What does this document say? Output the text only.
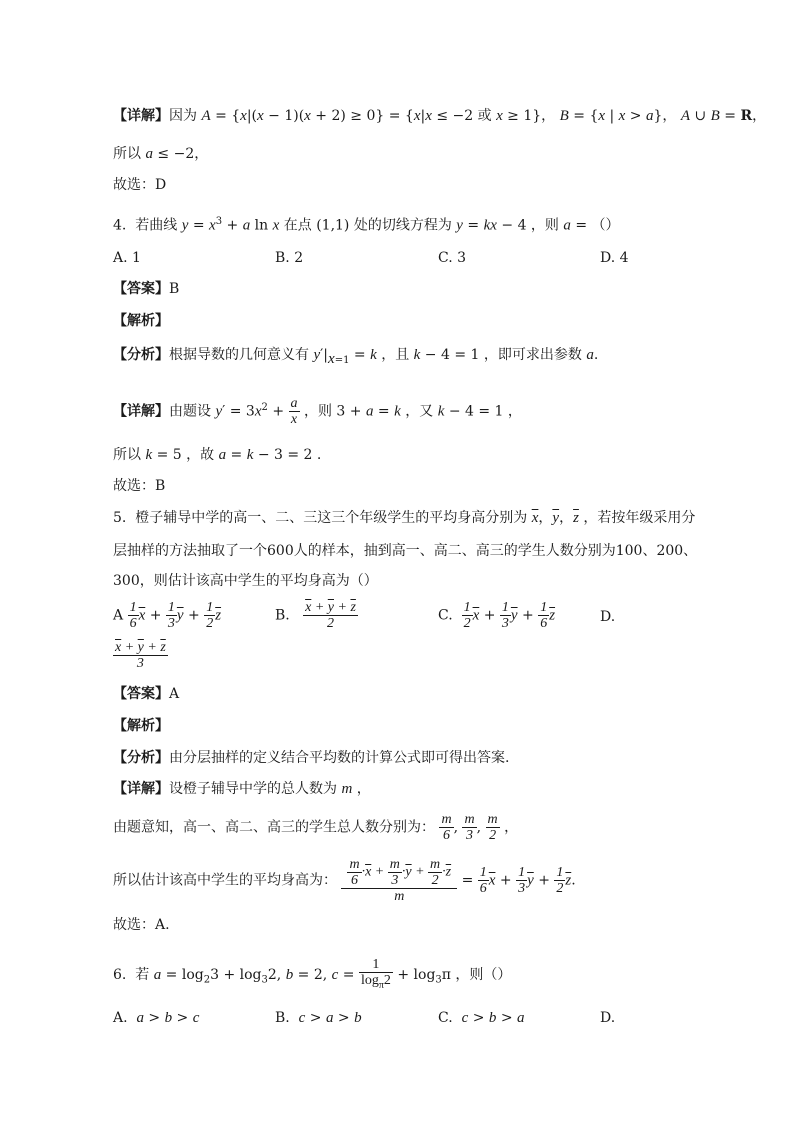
【详解】因为 A = {x|(x − 1)(x + 2) ≥ 0} = {x|x ≤ −2 或 x ≥ 1}， B = {x | x > a}， A ∪ B = R，
所以 a ≤ −2，
故选：D
4.  若曲线 $y = x^3 + a$ ln x 在点 (1,1) 处的切线方程为 y = kx − 4 ，则 a = （）
A. 1	B. 2	C. 3	D. 4
【答案】B
【解析】
【分析】根据导数的几何意义有 $y'|_{x=1} = k$ ，且 k − 4 = 1 ，即可求出参数 a.
【详解】由题设 $y' = 3x^2 + \frac{a}{x}$ ，则 3 + a = k ，又 k − 4 = 1 ，
所以 k = 5 ，故 a = k − 3 = 2 .
故选：B
5.  橙子辅导中学的高一、二、三这三个年级学生的平均身高分别为 $\overline{x}$，$\overline{y}$，$\overline{z}$ ，若按年级采用分
层抽样的方法抽取了一个600人的样本，抽到高一、高二、高三的学生人数分别为100、200、
300，则估计该高中学生的平均身高为（）
A $\frac{1}{6} \overline{x} + \frac{1}{3} \overline{y} + \frac{1}{2} \overline{z}$	B. $\frac{\overline{x} + \overline{y} + \overline{z}}{2}$	C. $\frac{1}{2} \overline{x} + \frac{1}{3} \overline{y} + \frac{1}{6} \overline{z}$	D.
$\frac{\overline{x} + \overline{y} + \overline{z}}{3}$
【答案】A
【解析】
【分析】由分层抽样的定义结合平均数的计算公式即可得出答案.
【详解】设橙子辅导中学的总人数为 m ，
由题意知，高一、高二、高三的学生总人数分别为： $\frac{m}{6}$ , $\frac{m}{3}$ , $\frac{m}{2}$ ，
所以估计该高中学生的平均身高为： $\frac{\frac{m}{6} \cdot\overline{x} + \frac{m}{3} \cdot\overline{y} + \frac{m}{2} \cdot\overline{z}}{m} = \frac{1}{6} \overline{x} + \frac{1}{3} \overline{y} + \frac{1}{2} \overline{z}$.
故选：A.
6.  若 $a = \log_23 + \log_32$, b = 2, $c = \frac{1}{\log_\pi 2} + \log_3\pi$ ，则（）
A.  a > b > c	B.  c > a > b	C.  c > b > a	D.
